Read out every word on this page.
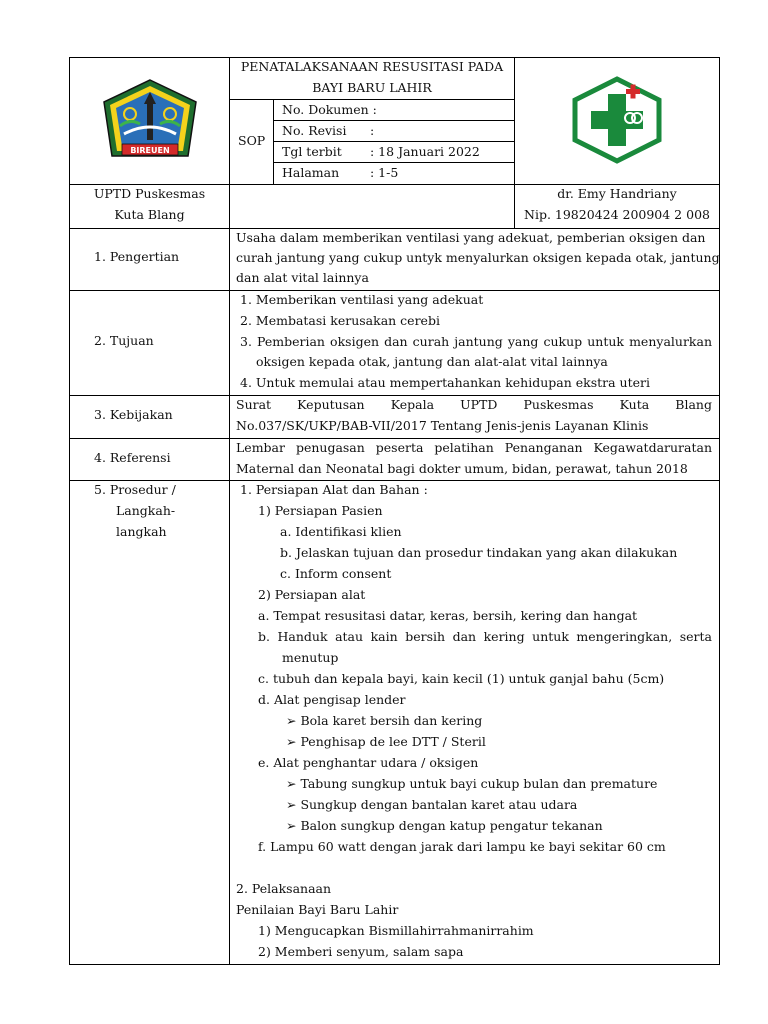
BIREUEN
PENATALAKSANAAN RESUSITASI PADA
BAYI BARU LAHIR
SOP
No. Dokumen :
No. Revisi :
Tgl terbit : 18 Januari 2022
Halaman : 1-5
UPTD Puskesmas
Kuta Blang
dr. Emy Handriany
Nip. 19820424 200904 2 008
1. Pengertian
Usaha dalam memberikan ventilasi yang adekuat, pemberian oksigen dan
curah jantung yang cukup untyk menyalurkan oksigen kepada otak, jantung
dan alat vital lainnya
2. Tujuan
1. Memberikan ventilasi yang adekuat
2. Membatasi kerusakan cerebi
3. Pemberian oksigen dan curah jantung yang cukup untuk menyalurkan
oksigen kepada otak, jantung dan alat-alat vital lainnya
4. Untuk memulai atau mempertahankan kehidupan ekstra uteri
3. Kebijakan
Surat Keputusan Kepala UPTD Puskesmas Kuta Blang
No.037/SK/UKP/BAB-VII/2017 Tentang Jenis-jenis Layanan Klinis
4. Referensi
Lembar penugasan peserta pelatihan Penanganan Kegawatdaruratan
Maternal dan Neonatal bagi dokter umum, bidan, perawat, tahun 2018
5. Prosedur /
Langkah-
langkah
1. Persiapan Alat dan Bahan :
1) Persiapan Pasien
a. Identifikasi klien
b. Jelaskan tujuan dan prosedur tindakan yang akan dilakukan
c. Inform consent
2) Persiapan alat
a. Tempat resusitasi datar, keras, bersih, kering dan hangat
b. Handuk atau kain bersih dan kering untuk mengeringkan, serta
menutup
c. tubuh dan kepala bayi, kain kecil (1) untuk ganjal bahu (5cm)
d. Alat pengisap lender
➢ Bola karet bersih dan kering
➢ Penghisap de lee DTT / Steril
e. Alat penghantar udara / oksigen
➢ Tabung sungkup untuk bayi cukup bulan dan premature
➢ Sungkup dengan bantalan karet atau udara
➢ Balon sungkup dengan katup pengatur tekanan
f. Lampu 60 watt dengan jarak dari lampu ke bayi sekitar 60 cm
2. Pelaksanaan
Penilaian Bayi Baru Lahir
1) Mengucapkan Bismillahirrahmanirrahim
2) Memberi senyum, salam sapa
